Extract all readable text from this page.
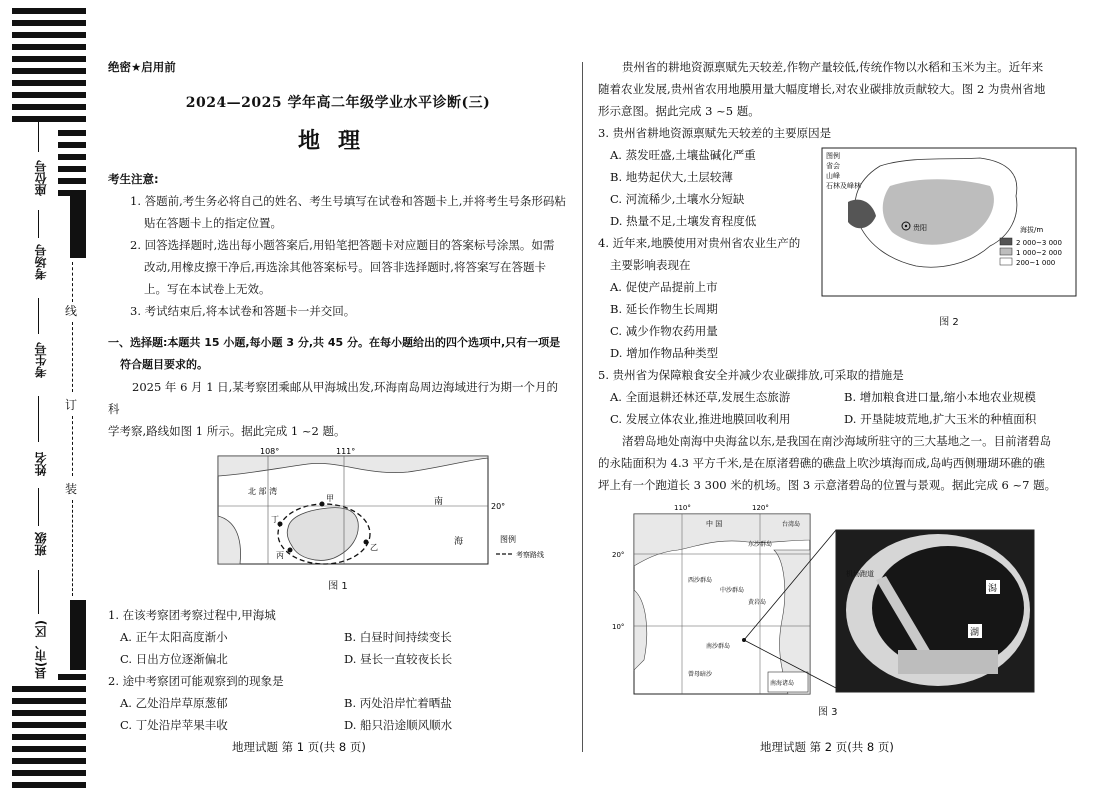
座位号
考场号
考生号
姓名
班级
县(市、区)
线
订
装
绝密★启用前
2024—2025 学年高二年级学业水平诊断(三)
地理
考生注意:
1. 答题前,考生务必将自己的姓名、考生号填写在试卷和答题卡上,并将考生号条形码粘
贴在答题卡上的指定位置。
2. 回答选择题时,选出每小题答案后,用铅笔把答题卡对应题目的答案标号涂黑。如需
改动,用橡皮擦干净后,再选涂其他答案标号。回答非选择题时,将答案写在答题卡
上。写在本试卷上无效。
3. 考试结束后,将本试卷和答题卡一并交回。
一、选择题:本题共 15 小题,每小题 3 分,共 45 分。在每小题给出的四个选项中,只有一项是
符合题目要求的。
2025 年 6 月 1 日,某考察团乘邮从甲海城出发,环海南岛周边海域进行为期一个月的科
学考察,路线如图 1 所示。据此完成 1 ~2 题。
108°	111°
20°
北 部 湾
南
海
甲
乙
丙
丁
图例
考察路线
图 1
1. 在该考察团考察过程中,甲海城
A. 正午太阳高度渐小	B. 白昼时间持续变长
C. 日出方位逐渐偏北	D. 昼长一直较夜长长
2. 途中考察团可能观察到的现象是
A. 乙处沿岸草原葱郁	B. 丙处沿岸忙着晒盐
C. 丁处沿岸苹果丰收	D. 船只沿途顺风顺水
地理试题 第 1 页(共 8 页)
贵州省的耕地资源禀赋先天较差,作物产量较低,传统作物以水稻和玉米为主。近年来
随着农业发展,贵州省农用地膜用量大幅度增长,对农业碳排放贡献较大。图 2 为贵州省地
形示意图。据此完成 3 ~5 题。
3. 贵州省耕地资源禀赋先天较差的主要原因是
A. 蒸发旺盛,土壤盐碱化严重
B. 地势起伏大,土层较薄
C. 河流稀少,土壤水分短缺
D. 热量不足,土壤发育程度低
4. 近年来,地膜使用对贵州省农业生产的
主要影响表现在
A. 促使产品提前上市
B. 延长作物生长周期
C. 减少作物农药用量
D. 增加作物品种类型
贵阳
图例
省会
山峰
石林及峰林
海拔/m
2 000~3 000
1 000~2 000
200~1 000
图 2
5. 贵州省为保障粮食安全并减少农业碳排放,可采取的措施是
A. 全面退耕还林还草,发展生态旅游	B. 增加粮食进口量,缩小本地农业规模
C. 发展立体农业,推进地膜回收利用	D. 开垦陡坡荒地,扩大玉米的种植面积
渚碧岛地处南海中央海盆以东,是我国在南沙海域所驻守的三大基地之一。目前渚碧岛
的永陆面积为 4.3 平方千米,是在原渚碧礁的礁盘上吹沙填海而成,岛屿西侧珊瑚环礁的礁
坪上有一个跑道长 3 300 米的机场。图 3 示意渚碧岛的位置与景观。据此完成 6 ~7 题。
110°	120°
20°
10°
中 国	台湾岛
东沙群岛
西沙群岛
中沙群岛
黄岩岛
南沙群岛
曾母暗沙
南海诸岛
机场跑道
潟
湖
图 3
地理试题 第 2 页(共 8 页)
